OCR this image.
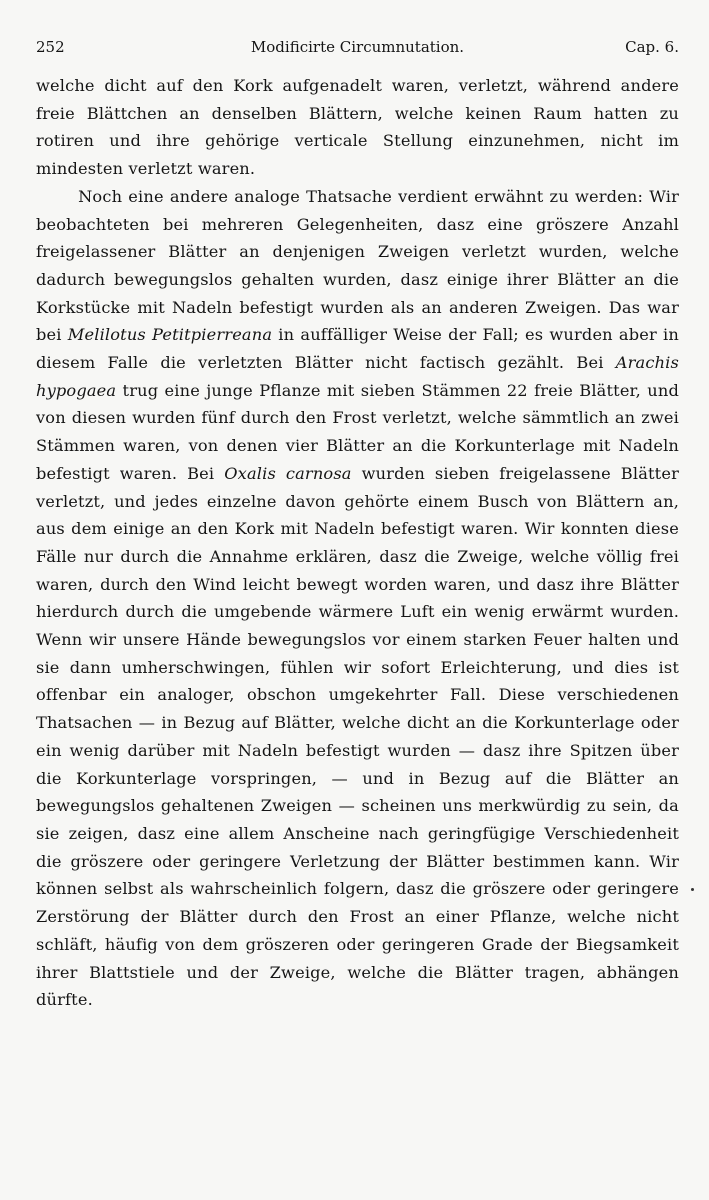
252	Modificirte Circumnutation.	Cap. 6.

welche dicht auf den Kork aufgenadelt waren, verletzt, während andere freie Blättchen an denselben Blättern, welche keinen Raum hatten zu rotiren und ihre gehörige verticale Stellung einzunehmen, nicht im mindesten verletzt waren.

Noch eine andere analoge Thatsache verdient erwähnt zu werden: Wir beobachteten bei mehreren Gelegenheiten, dasz eine gröszere Anzahl freigelassener Blätter an denjenigen Zweigen verletzt wurden, welche dadurch bewegungslos gehalten wurden, dasz einige ihrer Blätter an die Korkstücke mit Nadeln befestigt wurden als an anderen Zweigen. Das war bei Melilotus Petitpierreana in auffälliger Weise der Fall; es wurden aber in diesem Falle die verletzten Blätter nicht factisch gezählt. Bei Arachis hypogaea trug eine junge Pflanze mit sieben Stämmen 22 freie Blätter, und von diesen wurden fünf durch den Frost verletzt, welche sämmtlich an zwei Stämmen waren, von denen vier Blätter an die Korkunterlage mit Nadeln befestigt waren. Bei Oxalis carnosa wurden sieben freigelassene Blätter verletzt, und jedes einzelne davon gehörte einem Busch von Blättern an, aus dem einige an den Kork mit Nadeln befestigt waren. Wir konnten diese Fälle nur durch die Annahme erklären, dasz die Zweige, welche völlig frei waren, durch den Wind leicht bewegt worden waren, und dasz ihre Blätter hierdurch durch die umgebende wärmere Luft ein wenig erwärmt wurden. Wenn wir unsere Hände bewegungslos vor einem starken Feuer halten und sie dann umherschwingen, fühlen wir sofort Erleichterung, und dies ist offenbar ein analoger, obschon umgekehrter Fall. Diese verschiedenen Thatsachen — in Bezug auf Blätter, welche dicht an die Korkunterlage oder ein wenig darüber mit Nadeln befestigt wurden — dasz ihre Spitzen über die Korkunterlage vorspringen, — und in Bezug auf die Blätter an bewegungslos gehaltenen Zweigen — scheinen uns merkwürdig zu sein, da sie zeigen, dasz eine allem Anscheine nach geringfügige Verschiedenheit die gröszere oder geringere Verletzung der Blätter bestimmen kann. Wir können selbst als wahrscheinlich folgern, dasz die gröszere oder geringere Zerstörung der Blätter durch den Frost an einer Pflanze, welche nicht schläft, häufig von dem gröszeren oder geringeren Grade der Biegsamkeit ihrer Blattstiele und der Zweige, welche die Blätter tragen, abhängen dürfte.
